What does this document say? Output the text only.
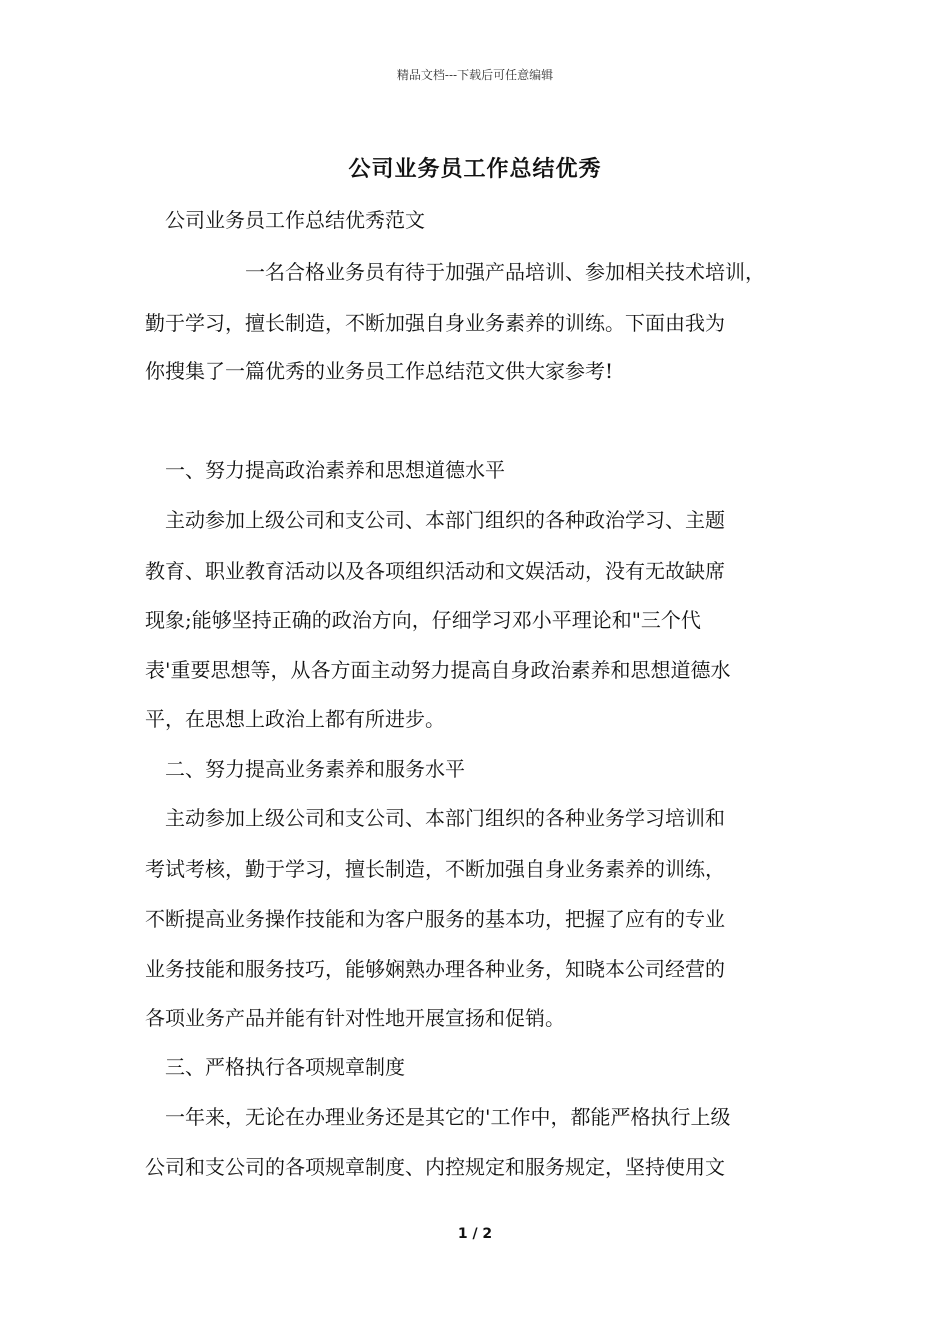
精品文档---下载后可任意编辑
公司业务员工作总结优秀
公司业务员工作总结优秀范文
一名合格业务员有待于加强产品培训、参加相关技术培训，
勤于学习，擅长制造，不断加强自身业务素养的训练。下面由我为
你搜集了一篇优秀的业务员工作总结范文供大家参考!
一、努力提高政治素养和思想道德水平
主动参加上级公司和支公司、本部门组织的各种政治学习、主题
教育、职业教育活动以及各项组织活动和文娱活动，没有无故缺席
现象;能够坚持正确的政治方向，仔细学习邓小平理论和"三个代
表'重要思想等，从各方面主动努力提高自身政治素养和思想道德水
平，在思想上政治上都有所进步。
二、努力提高业务素养和服务水平
主动参加上级公司和支公司、本部门组织的各种业务学习培训和
考试考核，勤于学习，擅长制造，不断加强自身业务素养的训练，
不断提高业务操作技能和为客户服务的基本功，把握了应有的专业
业务技能和服务技巧，能够娴熟办理各种业务，知晓本公司经营的
各项业务产品并能有针对性地开展宣扬和促销。
三、严格执行各项规章制度
一年来，无论在办理业务还是其它的'工作中，都能严格执行上级
公司和支公司的各项规章制度、内控规定和服务规定，坚持使用文
1 / 2
